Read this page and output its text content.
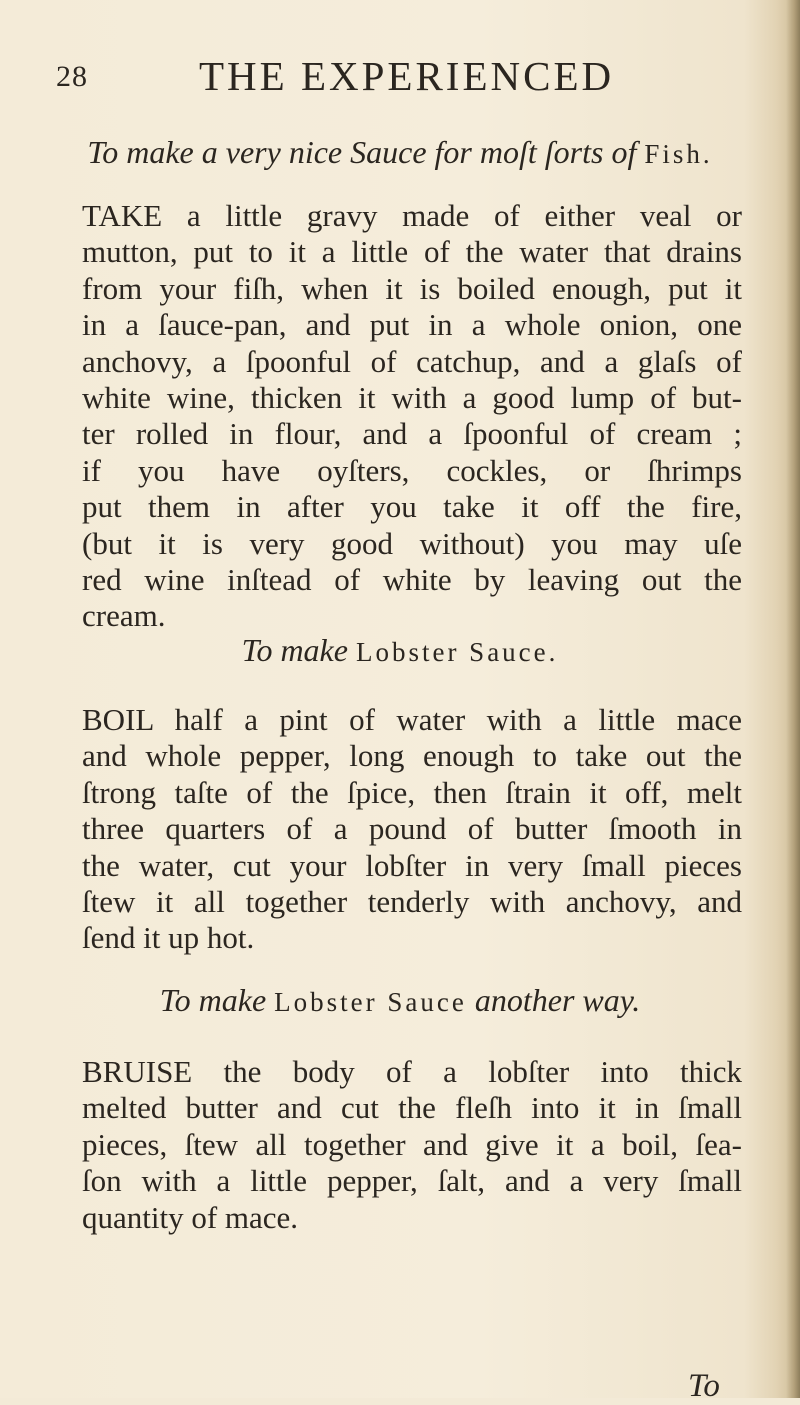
28	THE EXPERIENCED
To make a very nice Sauce for moſt ſorts of Fish.
TAKE a little gravy made of either veal or
mutton, put to it a little of the water that drains
from your fiſh, when it is boiled enough, put it
in a ſauce-pan, and put in a whole onion, one
anchovy, a ſpoonful of catchup, and a glaſs of
white wine, thicken it with a good lump of but-
ter rolled in flour, and a ſpoonful of cream ;
if you have oyſters, cockles, or ſhrimps
put them in after you take it off the fire,
(but it is very good without) you may uſe
red wine inſtead of white by leaving out the
cream.
To make Lobster Sauce.
BOIL half a pint of water with a little mace
and whole pepper, long enough to take out the
ſtrong taſte of the ſpice, then ſtrain it off, melt
three quarters of a pound of butter ſmooth in
the water, cut your lobſter in very ſmall pieces
ſtew it all together tenderly with anchovy, and
ſend it up hot.
To make Lobster Sauce another way.
BRUISE the body of a lobſter into thick
melted butter and cut the fleſh into it in ſmall
pieces, ſtew all together and give it a boil, ſea-
ſon with a little pepper, ſalt, and a very ſmall
quantity of mace.
To
